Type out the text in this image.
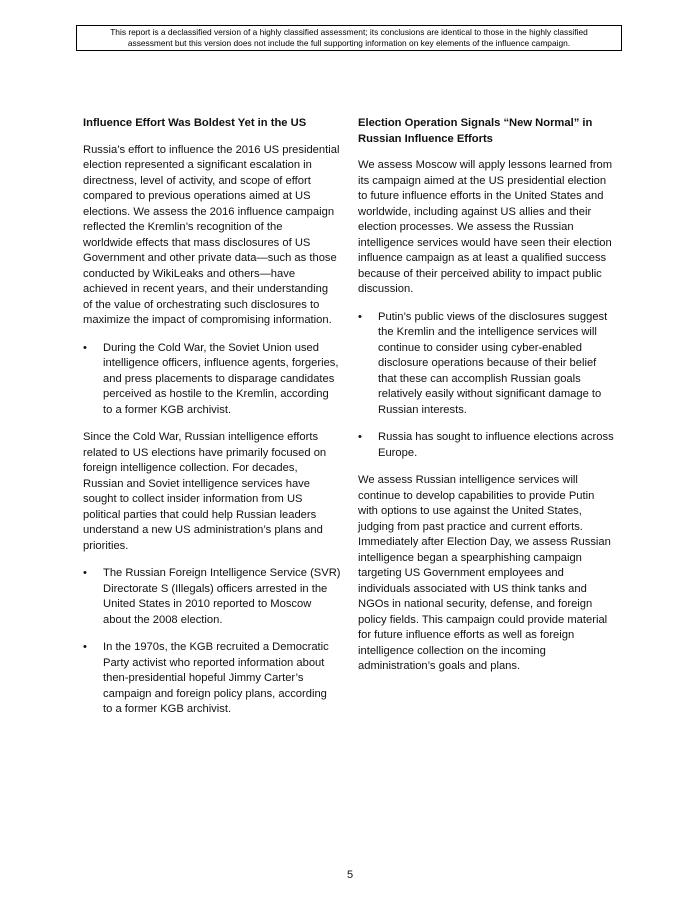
This report is a declassified version of a highly classified assessment; its conclusions are identical to those in the highly classified
assessment but this version does not include the full supporting information on key elements of the influence campaign.

Influence Effort Was Boldest Yet in the US

Russia’s effort to influence the 2016 US presidential
election represented a significant escalation in
directness, level of activity, and scope of effort
compared to previous operations aimed at US
elections. We assess the 2016 influence campaign
reflected the Kremlin’s recognition of the
worldwide effects that mass disclosures of US
Government and other private data—such as those
conducted by WikiLeaks and others—have
achieved in recent years, and their understanding
of the value of orchestrating such disclosures to
maximize the impact of compromising information.
•	During the Cold War, the Soviet Union used
intelligence officers, influence agents, forgeries,
and press placements to disparage candidates
perceived as hostile to the Kremlin, according
to a former KGB archivist.
Since the Cold War, Russian intelligence efforts
related to US elections have primarily focused on
foreign intelligence collection. For decades,
Russian and Soviet intelligence services have
sought to collect insider information from US
political parties that could help Russian leaders
understand a new US administration’s plans and
priorities.
•	The Russian Foreign Intelligence Service (SVR)
Directorate S (Illegals) officers arrested in the
United States in 2010 reported to Moscow
about the 2008 election.
•	In the 1970s, the KGB recruited a Democratic
Party activist who reported information about
then-presidential hopeful Jimmy Carter’s
campaign and foreign policy plans, according
to a former KGB archivist.
Election Operation Signals “New Normal” in
Russian Influence Efforts
We assess Moscow will apply lessons learned from
its campaign aimed at the US presidential election
to future influence efforts in the United States and
worldwide, including against US allies and their
election processes. We assess the Russian
intelligence services would have seen their election
influence campaign as at least a qualified success
because of their perceived ability to impact public
discussion.
•	Putin’s public views of the disclosures suggest
the Kremlin and the intelligence services will
continue to consider using cyber-enabled
disclosure operations because of their belief
that these can accomplish Russian goals
relatively easily without significant damage to
Russian interests.
•	Russia has sought to influence elections across
Europe.
We assess Russian intelligence services will
continue to develop capabilities to provide Putin
with options to use against the United States,
judging from past practice and current efforts.
Immediately after Election Day, we assess Russian
intelligence began a spearphishing campaign
targeting US Government employees and
individuals associated with US think tanks and
NGOs in national security, defense, and foreign
policy fields. This campaign could provide material
for future influence efforts as well as foreign
intelligence collection on the incoming
administration’s goals and plans.
5
